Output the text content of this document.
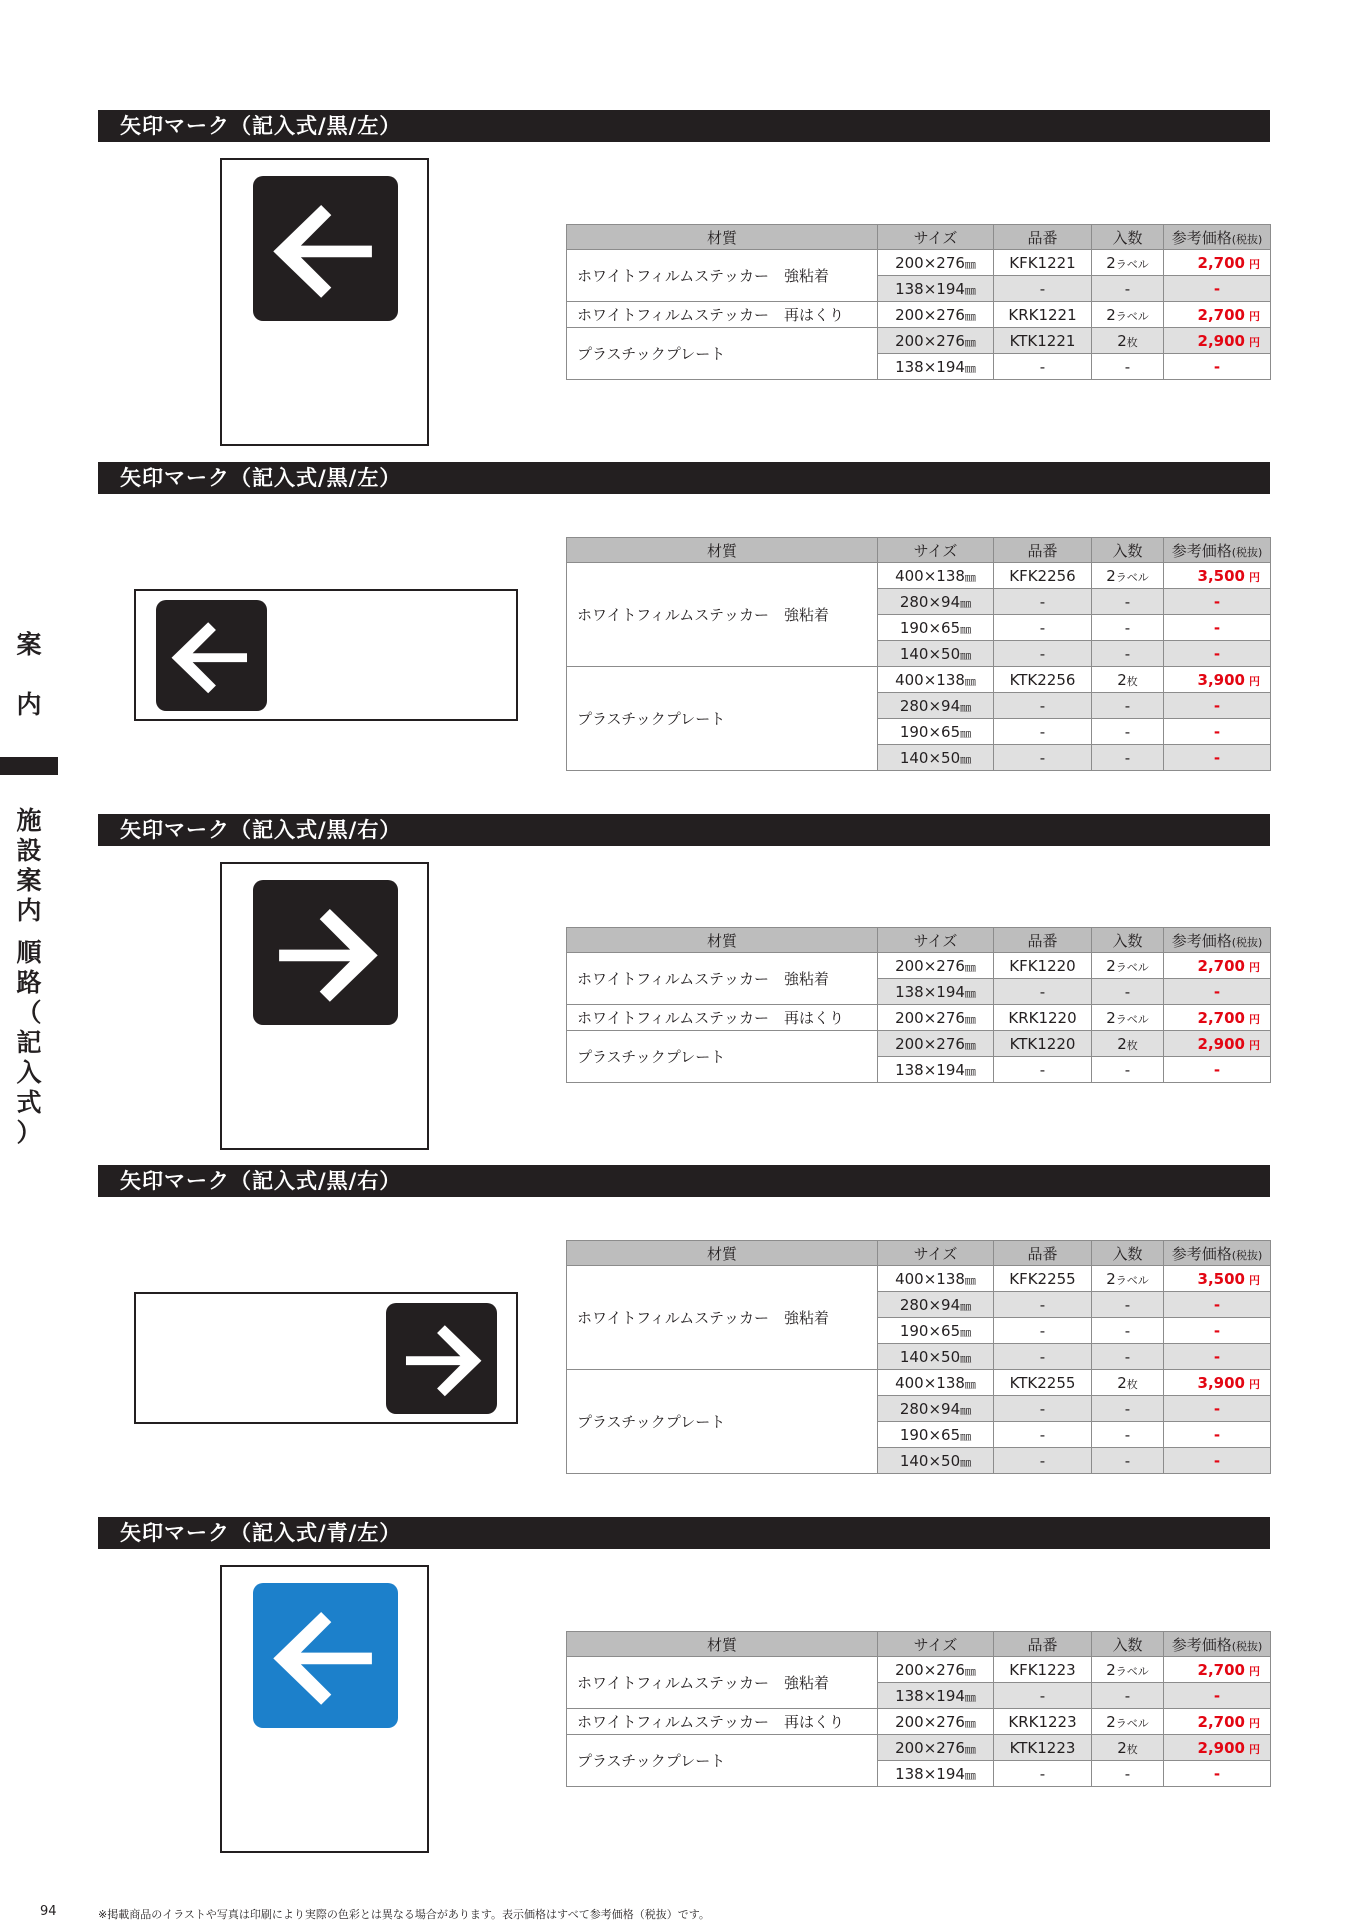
案
内
施
設
案
内
順
路
（
記
入
式
）
矢印マーク（記入式/黒/左）
材質	サイズ	品番	入数	参考価格(税抜)
ホワイトフィルムステッカー　強粘着	200×276㎜	KFK1221	2ラベル	2,700 円
	138×194㎜	-	-	-
ホワイトフィルムステッカー　再はくり	200×276㎜	KRK1221	2ラベル	2,700 円
プラスチックプレート	200×276㎜	KTK1221	2枚	2,900 円
	138×194㎜	-	-	-
矢印マーク（記入式/黒/左）
材質	サイズ	品番	入数	参考価格(税抜)
ホワイトフィルムステッカー　強粘着	400×138㎜	KFK2256	2ラベル	3,500 円
	280×94㎜	-	-	-
	190×65㎜	-	-	-
	140×50㎜	-	-	-
プラスチックプレート	400×138㎜	KTK2256	2枚	3,900 円
	280×94㎜	-	-	-
	190×65㎜	-	-	-
	140×50㎜	-	-	-
矢印マーク（記入式/黒/右）
材質	サイズ	品番	入数	参考価格(税抜)
ホワイトフィルムステッカー　強粘着	200×276㎜	KFK1220	2ラベル	2,700 円
	138×194㎜	-	-	-
ホワイトフィルムステッカー　再はくり	200×276㎜	KRK1220	2ラベル	2,700 円
プラスチックプレート	200×276㎜	KTK1220	2枚	2,900 円
	138×194㎜	-	-	-
矢印マーク（記入式/黒/右）
材質	サイズ	品番	入数	参考価格(税抜)
ホワイトフィルムステッカー　強粘着	400×138㎜	KFK2255	2ラベル	3,500 円
	280×94㎜	-	-	-
	190×65㎜	-	-	-
	140×50㎜	-	-	-
プラスチックプレート	400×138㎜	KTK2255	2枚	3,900 円
	280×94㎜	-	-	-
	190×65㎜	-	-	-
	140×50㎜	-	-	-
矢印マーク（記入式/青/左）
材質	サイズ	品番	入数	参考価格(税抜)
ホワイトフィルムステッカー　強粘着	200×276㎜	KFK1223	2ラベル	2,700 円
	138×194㎜	-	-	-
ホワイトフィルムステッカー　再はくり	200×276㎜	KRK1223	2ラベル	2,700 円
プラスチックプレート	200×276㎜	KTK1223	2枚	2,900 円
	138×194㎜	-	-	-
94	※掲載商品のイラストや写真は印刷により実際の色彩とは異なる場合があります。表示価格はすべて参考価格（税抜）です。
